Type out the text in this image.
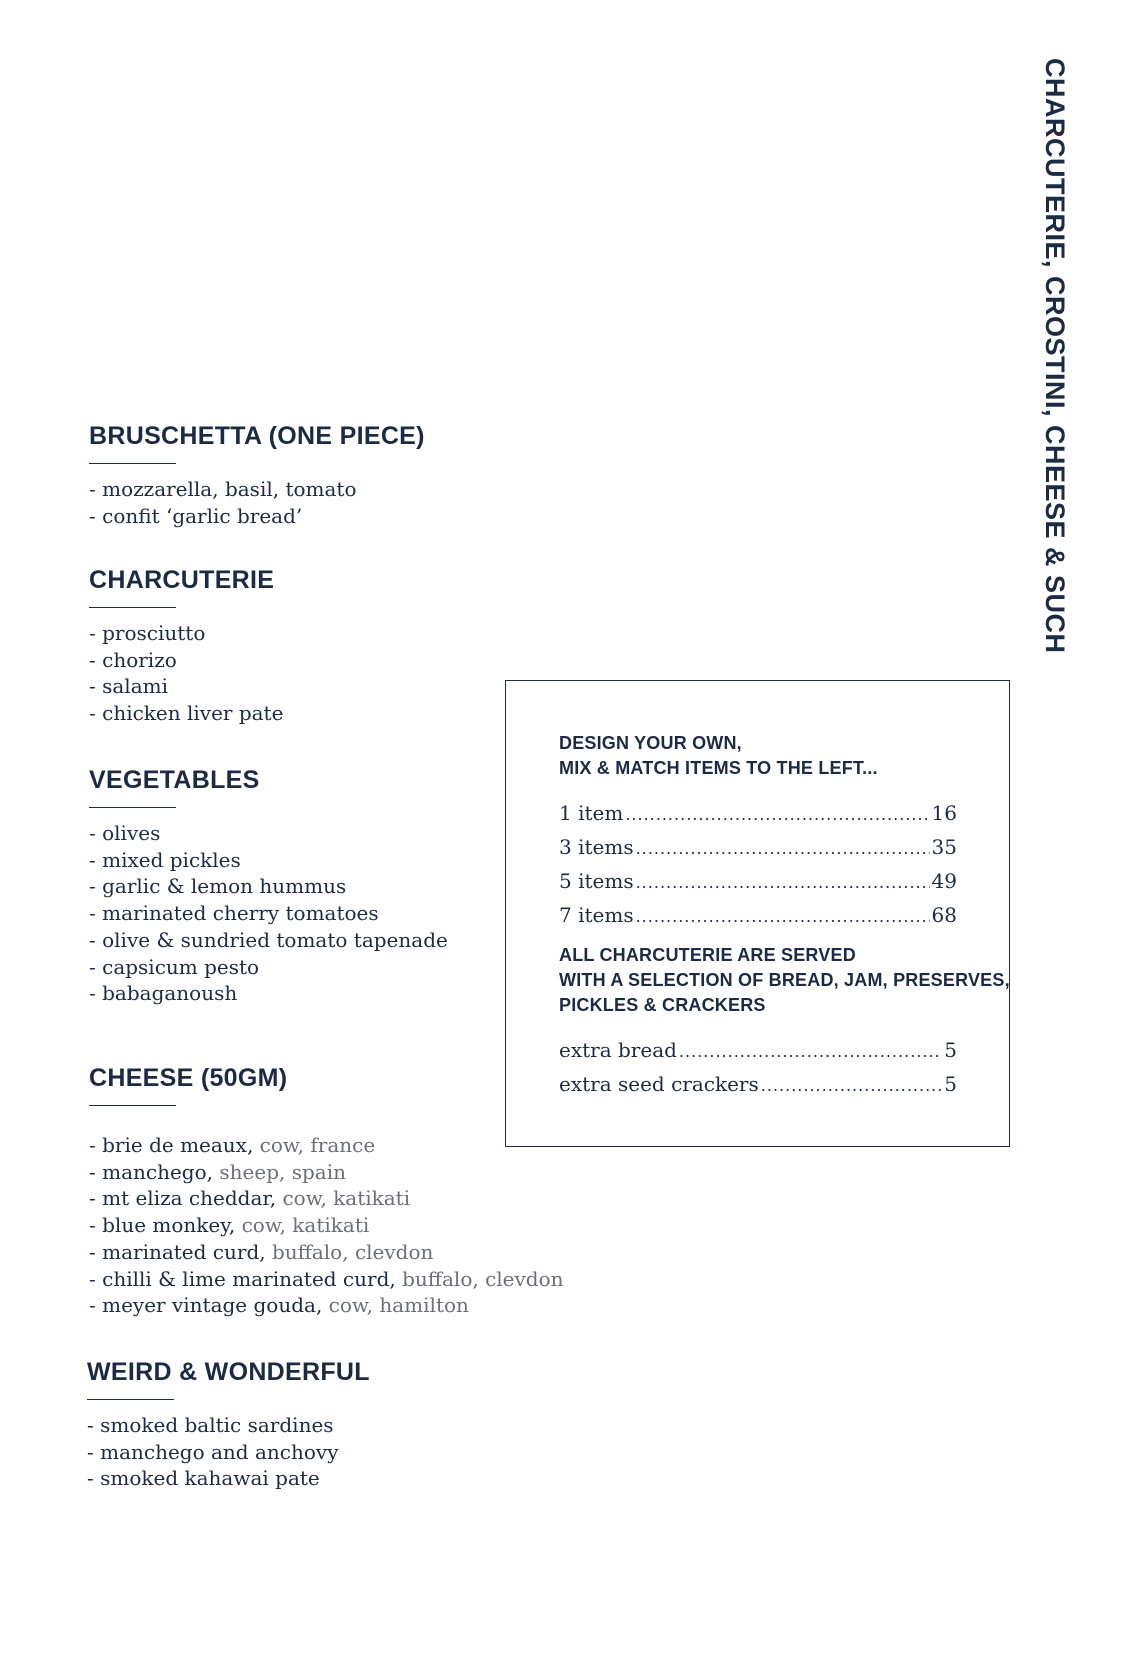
CHARCUTERIE, CROSTINI, CHEESE & SUCH
BRUSCHETTA (ONE PIECE)
- mozzarella, basil, tomato
- confit ‘garlic bread’
CHARCUTERIE
- prosciutto
- chorizo
- salami
- chicken liver pate
VEGETABLES
- olives
- mixed pickles
- garlic & lemon hummus
- marinated cherry tomatoes
- olive & sundried tomato tapenade
- capsicum pesto
- babaganoush
CHEESE (50GM)
- brie de meaux, cow, france
- manchego, sheep, spain
- mt eliza cheddar, cow, katikati
- blue monkey, cow, katikati
- marinated curd, buffalo, clevdon
- chilli & lime marinated curd, buffalo, clevdon
- meyer vintage gouda, cow, hamilton
WEIRD & WONDERFUL
- smoked baltic sardines
- manchego and anchovy
- smoked kahawai pate
DESIGN YOUR OWN,
MIX & MATCH ITEMS TO THE LEFT...
1 item .....	16
3 items .....	35
5 items .....	49
7 items .....	68
ALL CHARCUTERIE ARE SERVED
WITH A SELECTION OF BREAD, JAM, PRESERVES,
PICKLES & CRACKERS
extra bread .....	5
extra seed crackers .....	5
